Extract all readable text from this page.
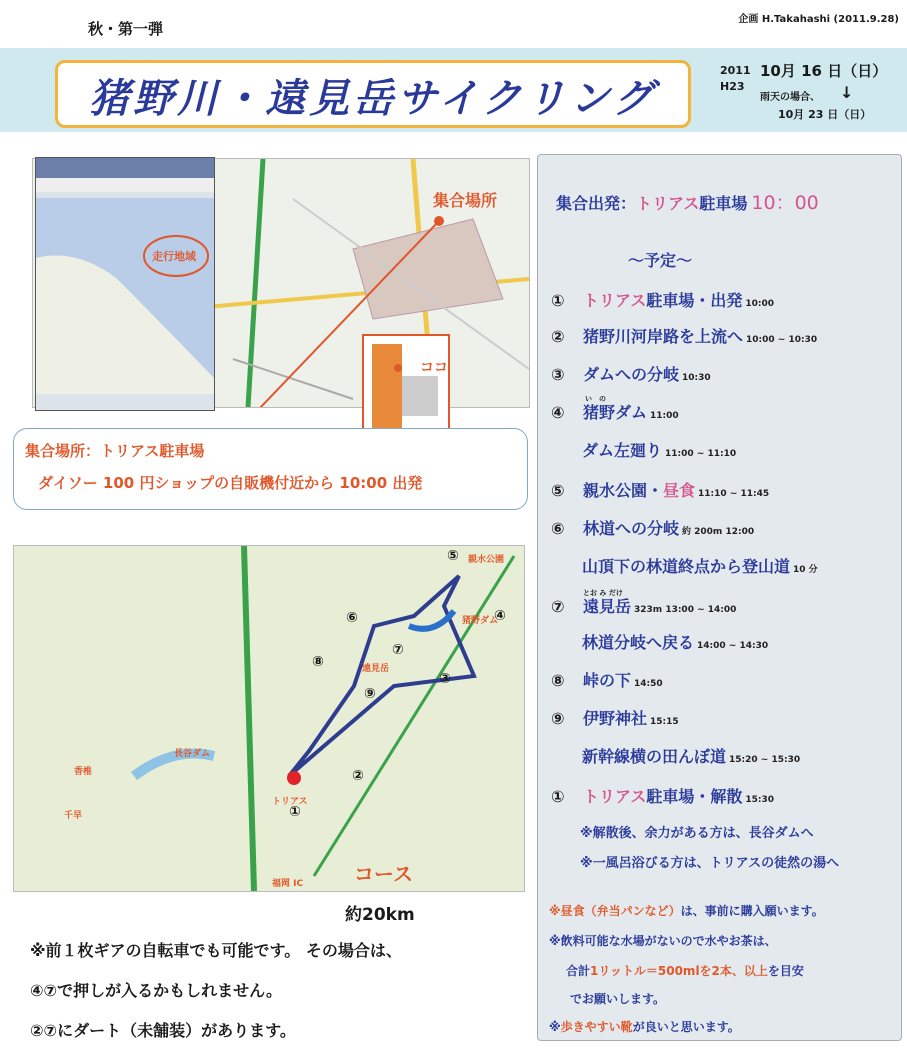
企画 H.Takahashi (2011.9.28)
秋・第一弾
猪野川・遠見岳サイクリング
2011 10月 16 日（日）
H23
雨天の場合、 ↓
10月 23 日（日）
走行地域
集合場所
ココ
集合場所：トリアス駐車場
ダイソー 100 円ショップの自販機付近から 10:00 出発
⑤ 親水公園
猪野ダム
④
⑥
⑦
遠見岳
⑧
⑨
③
②
①
長谷ダム
香椎
千早
トリアス
福岡 IC	コース
約20km
※前１枚ギアの自転車でも可能です。 その場合は、
④⑦で押しが入るかもしれません。
②⑦にダート（未舗装）があります。
集合出発：トリアス駐車場 10：00
～予定～
① トリアス駐車場・出発 10:00
② 猪野川河岸路を上流へ 10:00 ~ 10:30
③ ダムへの分岐 10:30
④
い　の
猪野ダム 11:00
ダム左廻り 11:00 ~ 11:10
⑤ 親水公園・昼食 11:10 ~ 11:45
⑥ 林道への分岐 約 200m 12:00
山頂下の林道終点から登山道 10 分
⑦
とお み だけ
遠見岳 323m 13:00 ~ 14:00
林道分岐へ戻る 14:00 ~ 14:30
⑧ 峠の下 14:50
⑨ 伊野神社 15:15
新幹線横の田んぼ道 15:20 ~ 15:30
① トリアス駐車場・解散 15:30
※解散後、余力がある方は、長谷ダムへ
※一風呂浴びる方は、トリアスの徒然の湯へ
※昼食（弁当パンなど）は、事前に購入願います。
※飲料可能な水場がないので水やお茶は、
合計1リットル＝500mlを2本、以上を目安
でお願いします。
※歩きやすい靴が良いと思います。
